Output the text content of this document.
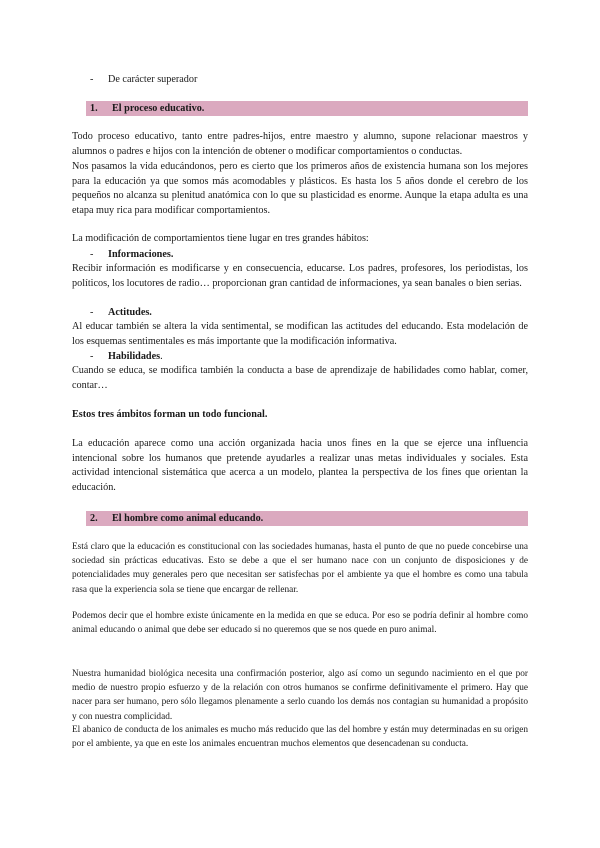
- De carácter superador
1. El proceso educativo.

Todo proceso educativo, tanto entre padres-hijos, entre maestro y alumno, supone relacionar maestros y alumnos o padres e hijos con la intención de obtener o modificar comportamientos o conductas.

Nos pasamos la vida educándonos, pero es cierto que los primeros años de existencia humana son los mejores para la educación ya que somos más acomodables y plásticos. Es hasta los 5 años donde el cerebro de los pequeños no alcanza su plenitud anatómica con lo que su plasticidad es enorme. Aunque la etapa adulta es una etapa muy rica para modificar comportamientos.

La modificación de comportamientos tiene lugar en tres grandes hábitos:

- Informaciones.

Recibir información es modificarse y en consecuencia, educarse. Los padres, profesores, los periodistas, los políticos, los locutores de radio… proporcionan gran cantidad de informaciones, ya sean banales o bien serias.

- Actitudes.

Al educar también se altera la vida sentimental, se modifican las actitudes del educando. Esta modelación de los esquemas sentimentales es más importante que la modificación informativa.

- Habilidades.

Cuando se educa, se modifica también la conducta a base de aprendizaje de habilidades como hablar, comer, contar…

Estos tres ámbitos forman un todo funcional.

La educación aparece como una acción organizada hacia unos fines en la que se ejerce una influencia intencional sobre los humanos que pretende ayudarles a realizar unas metas individuales y sociales. Esta actividad intencional sistemática que acerca a un modelo, plantea la perspectiva de los fines que orientan la educación.

2. El hombre como animal educando.

Está claro que la educación es constitucional con las sociedades humanas, hasta el punto de que no puede concebirse una sociedad sin prácticas educativas. Esto se debe a que el ser humano nace con un conjunto de disposiciones y de potencialidades muy generales pero que necesitan ser satisfechas por el ambiente ya que el hombre es como una tabula rasa que la experiencia sola se tiene que encargar de rellenar.

Podemos decir que el hombre existe únicamente en la medida en que se educa. Por eso se podría definir al hombre como animal educando o animal que debe ser educado si no queremos que se nos quede en puro animal.

Nuestra humanidad biológica necesita una confirmación posterior, algo así como un segundo nacimiento en el que por medio de nuestro propio esfuerzo y de la relación con otros humanos se confirme definitivamente el primero. Hay que nacer para ser humano, pero sólo llegamos plenamente a serlo cuando los demás nos contagian su humanidad a propósito y con nuestra complicidad.

El abanico de conducta de los animales es mucho más reducido que las del hombre y están muy determinadas en su origen por el ambiente, ya que en este los animales encuentran muchos elementos que desencadenan su conducta.
